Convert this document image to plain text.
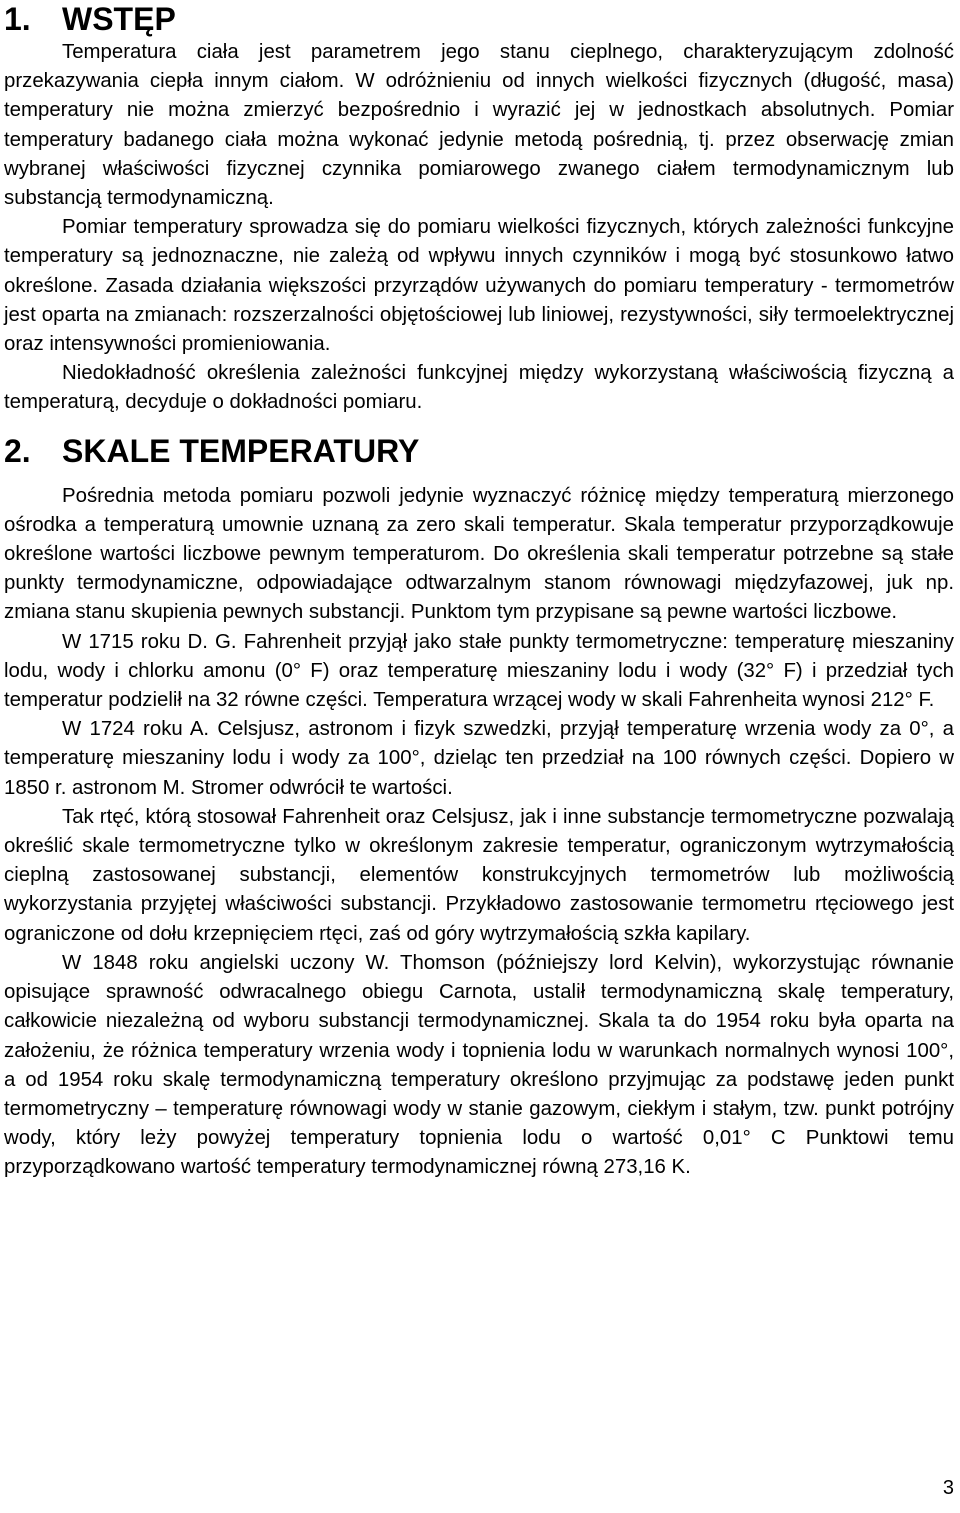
1. WSTĘP

Temperatura ciała jest parametrem jego stanu cieplnego, charakteryzującym zdolność przekazywania ciepła innym ciałom. W odróżnieniu od innych wielkości fizycznych (długość, masa) temperatury nie można zmierzyć bezpośrednio i wyrazić jej w jednostkach absolutnych. Pomiar temperatury badanego ciała można wykonać jedynie metodą pośrednią, tj. przez obserwację zmian wybranej właściwości fizycznej czynnika pomiarowego zwanego ciałem termodynamicznym lub substancją termodynamiczną.

Pomiar temperatury sprowadza się do pomiaru wielkości fizycznych, których zależności funkcyjne temperatury są jednoznaczne, nie zależą od wpływu innych czynników i mogą być stosunkowo łatwo określone. Zasada działania większości przyrządów używanych do pomiaru temperatury - termometrów jest oparta na zmianach: rozszerzalności objętościowej lub liniowej, rezystywności, siły termoelektrycznej oraz intensywności promieniowania.

Niedokładność określenia zależności funkcyjnej między wykorzystaną właściwością fizyczną a temperaturą, decyduje o dokładności pomiaru.

2. SKALE TEMPERATURY

Pośrednia metoda pomiaru pozwoli jedynie wyznaczyć różnicę między temperaturą mierzonego ośrodka a temperaturą umownie uznaną za zero skali temperatur. Skala temperatur przyporządkowuje określone wartości liczbowe pewnym temperaturom. Do określenia skali temperatur potrzebne są stałe punkty termodynamiczne, odpowiadające odtwarzalnym stanom równowagi międzyfazowej, juk np. zmiana stanu skupienia pewnych substancji. Punktom tym przypisane są pewne wartości liczbowe.

W 1715 roku D. G. Fahrenheit przyjął jako stałe punkty termometryczne: temperaturę mieszaniny lodu, wody i chlorku amonu (0° F) oraz temperaturę mieszaniny lodu i wody (32° F) i przedział tych temperatur podzielił na 32 równe części. Temperatura wrzącej wody w skali Fahrenheita wynosi 212° F.

W 1724 roku A. Celsjusz, astronom i fizyk szwedzki, przyjął temperaturę wrzenia wody za 0°, a temperaturę mieszaniny lodu i wody za 100°, dzieląc ten przedział na 100 równych części. Dopiero w 1850 r. astronom M. Stromer odwrócił te wartości.

Tak rtęć, którą stosował Fahrenheit oraz Celsjusz, jak i inne substancje termometryczne pozwalają określić skale termometryczne tylko w określonym zakresie temperatur, ograniczonym wytrzymałością cieplną zastosowanej substancji, elementów konstrukcyjnych termometrów lub możliwością wykorzystania przyjętej właściwości substancji. Przykładowo zastosowanie termometru rtęciowego jest ograniczone od dołu krzepnięciem rtęci, zaś od góry wytrzymałością szkła kapilary.

W 1848 roku angielski uczony W. Thomson (późniejszy lord Kelvin), wykorzystując równanie opisujące sprawność odwracalnego obiegu Carnota, ustalił termodynamiczną skalę temperatury, całkowicie niezależną od wyboru substancji termodynamicznej. Skala ta do 1954 roku była oparta na założeniu, że różnica temperatury wrzenia wody i topnienia lodu w warunkach normalnych wynosi 100°, a od 1954 roku skalę termodynamiczną temperatury określono przyjmując za podstawę jeden punkt termometryczny – temperaturę równowagi wody w stanie gazowym, ciekłym i stałym, tzw. punkt potrójny wody, który leży powyżej temperatury topnienia lodu o wartość 0,01° C Punktowi temu przyporządkowano wartość temperatury termodynamicznej równą 273,16 K.

3
